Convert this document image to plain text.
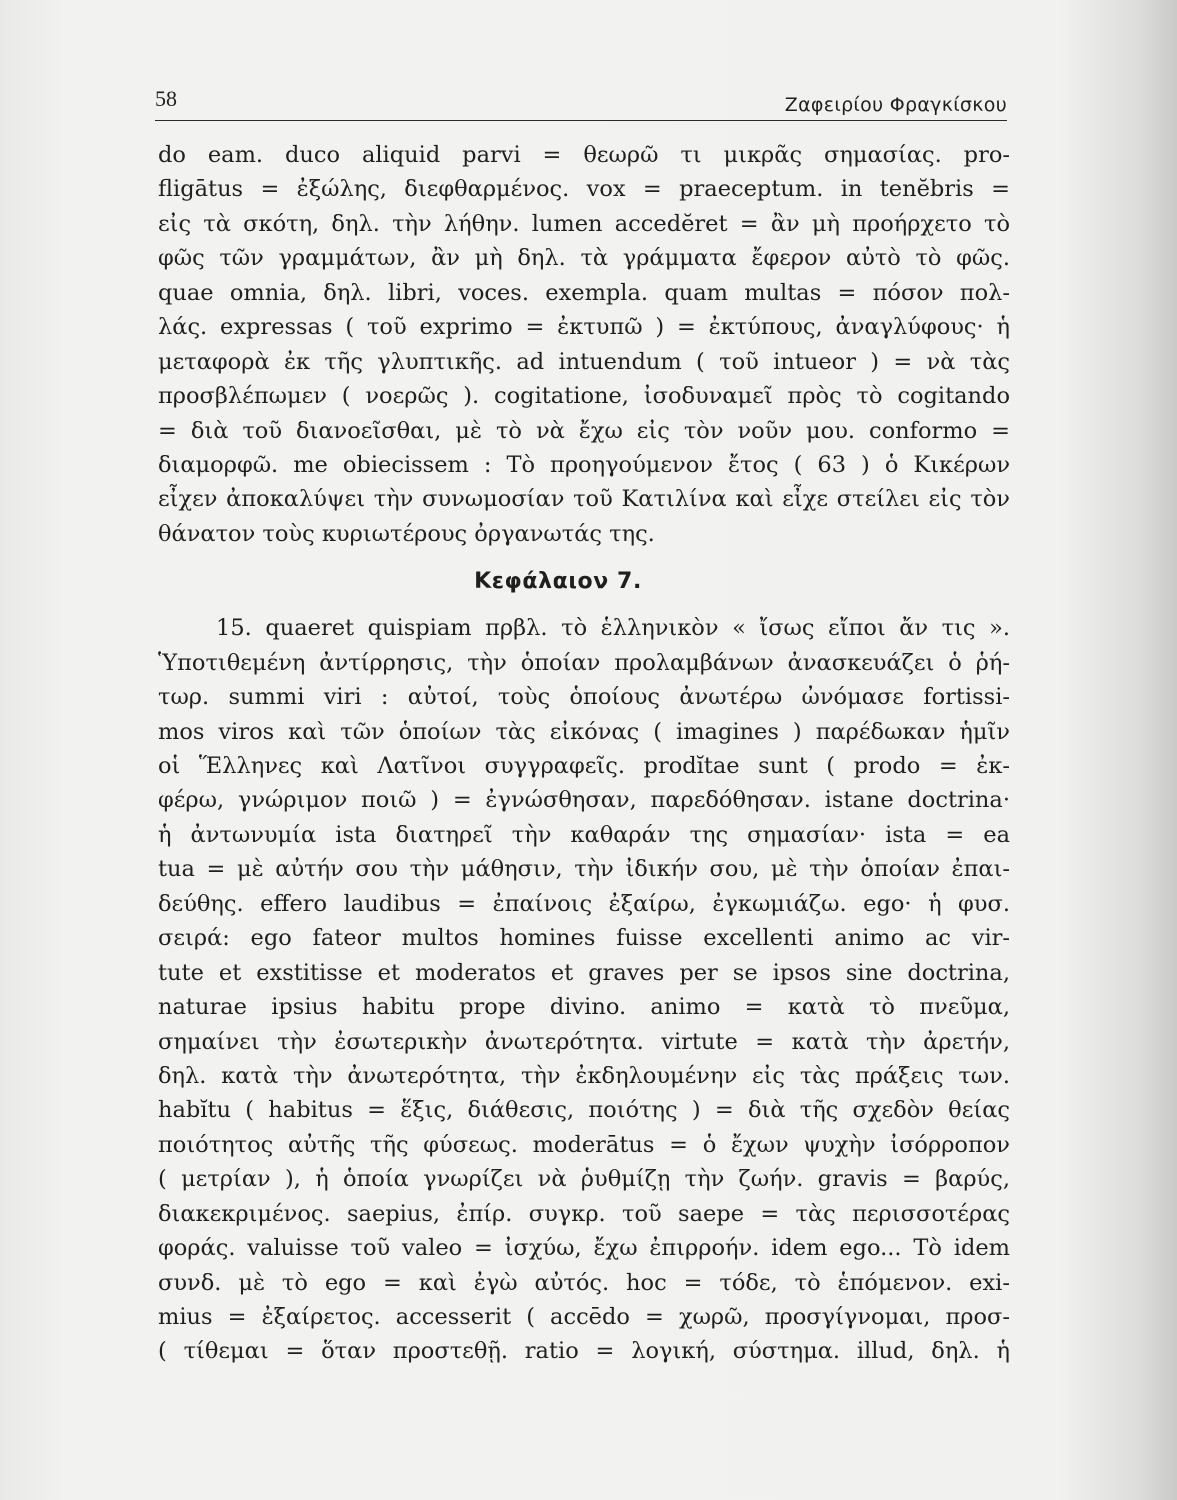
58	Ζαφειρίου Φραγκίσκου
do eam. duco aliquid parvi = θεωρῶ τι μικρᾶς σημασίας. pro-
fligātus = ἐξώλης, διεφθαρμένος. vox = praeceptum. in tenĕbris =
εἰς τὰ σκότη, δηλ. τὴν λήθην. lumen accedĕret = ἂν μὴ προήρχετο τὸ
φῶς τῶν γραμμάτων, ἂν μὴ δηλ. τὰ γράμματα ἔφερον αὐτὸ τὸ φῶς.
quae omnia, δηλ. libri, voces. exempla. quam multas = πόσον πολ-
λάς. expressas ( τοῦ exprimo = ἐκτυπῶ ) = ἐκτύπους, ἀναγλύφους· ἡ
μεταφορὰ ἐκ τῆς γλυπτικῆς. ad intuendum ( τοῦ intueor ) = νὰ τὰς
προσβλέπωμεν ( νοερῶς ). cogitatione, ἰσοδυναμεῖ πρὸς τὸ cogitando
= διὰ τοῦ διανοεῖσθαι, μὲ τὸ νὰ ἔχω εἰς τὸν νοῦν μου. conformo =
διαμορφῶ. me obiecissem : Τὸ προηγούμενον ἔτος ( 63 ) ὁ Κικέρων
εἶχεν ἀποκαλύψει τὴν συνωμοσίαν τοῦ Κατιλίνα καὶ εἶχε στείλει εἰς τὸν
θάνατον τοὺς κυριωτέρους ὀργανωτάς της.
Κεφάλαιον 7.
15. quaeret quispiam πρβλ. τὸ ἑλληνικὸν « ἴσως εἴποι ἄν τις ».
Ὑποτιθεμένη ἀντίρρησις, τὴν ὁποίαν προλαμβάνων ἀνασκευάζει ὁ ῥή-
τωρ. summi viri : αὐτοί, τοὺς ὁποίους ἀνωτέρω ὠνόμασε fortissi-
mos viros καὶ τῶν ὁποίων τὰς εἰκόνας ( imagines ) παρέδωκαν ἡμῖν
οἱ Ἕλληνες καὶ Λατῖνοι συγγραφεῖς. prodĭtae sunt ( prodo = ἐκ-
φέρω, γνώριμον ποιῶ ) = ἐγνώσθησαν, παρεδόθησαν. istane doctrina·
ἡ ἀντωνυμία ista διατηρεῖ τὴν καθαράν της σημασίαν· ista = ea
tua = μὲ αὐτήν σου τὴν μάθησιν, τὴν ἰδικήν σου, μὲ τὴν ὁποίαν ἐπαι-
δεύθης. effero laudibus = ἐπαίνοις ἐξαίρω, ἐγκωμιάζω. ego· ἡ φυσ.
σειρά: ego fateor multos homines fuisse excellenti animo ac vir-
tute et exstitisse et moderatos et graves per se ipsos sine doctrina,
naturae ipsius habitu prope divino. animo = κατὰ τὸ πνεῦμα,
σημαίνει τὴν ἐσωτερικὴν ἀνωτερότητα. virtute = κατὰ τὴν ἀρετήν,
δηλ. κατὰ τὴν ἀνωτερότητα, τὴν ἐκδηλουμένην εἰς τὰς πράξεις των.
habĭtu ( habitus = ἕξις, διάθεσις, ποιότης ) = διὰ τῆς σχεδὸν θείας
ποιότητος αὐτῆς τῆς φύσεως. moderātus = ὁ ἔχων ψυχὴν ἰσόρροπον
( μετρίαν ), ἡ ὁποία γνωρίζει νὰ ῥυθμίζῃ τὴν ζωήν. gravis = βαρύς,
διακεκριμένος. saepius, ἐπίρ. συγκρ. τοῦ saepe = τὰς περισσοτέρας
φοράς. valuisse τοῦ valeo = ἰσχύω, ἔχω ἐπιρροήν. idem ego... Τὸ idem
συνδ. μὲ τὸ ego = καὶ ἐγὼ αὐτός. hoc = τόδε, τὸ ἑπόμενον. exi-
mius = ἐξαίρετος. accesserit ( accēdo = χωρῶ, προσγίγνομαι, προσ-
( τίθεμαι = ὅταν προστεθῇ. ratio = λογική, σύστημα. illud, δηλ. ἡ
